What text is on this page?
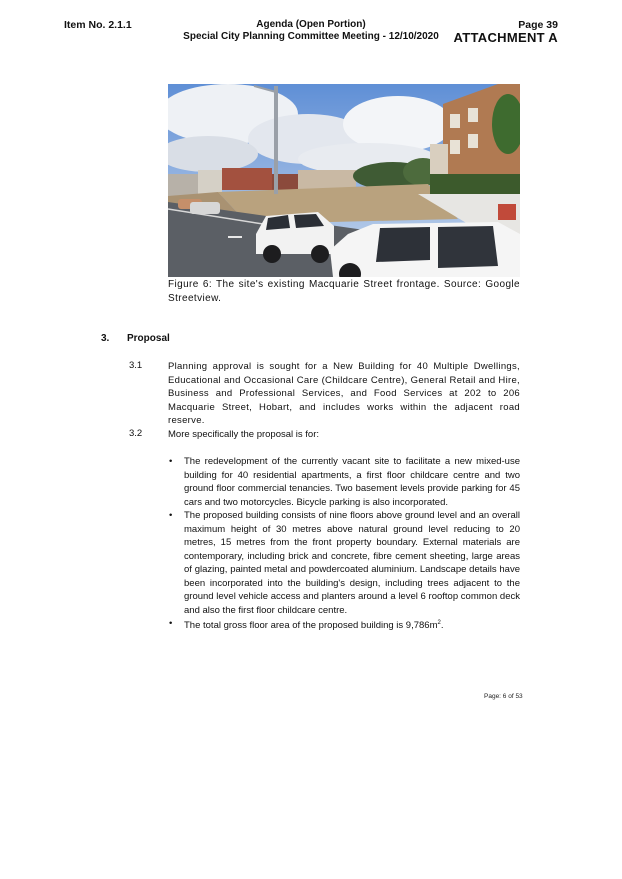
Item No. 2.1.1	Agenda (Open Portion)
Special City Planning Committee Meeting - 12/10/2020
Page 39
ATTACHMENT A
Figure 6: The site's existing Macquarie Street frontage. Source: Google Streetview.
3. Proposal
3.1	Planning approval is sought for a New Building for 40 Multiple Dwellings, Educational and Occasional Care (Childcare Centre), General Retail and Hire, Business and Professional Services, and Food Services at 202 to 206 Macquarie Street, Hobart, and includes works within the adjacent road reserve.
3.2	More specifically the proposal is for:
• The redevelopment of the currently vacant site to facilitate a new mixed-use building for 40 residential apartments, a first floor childcare centre and two ground floor commercial tenancies. Two basement levels provide parking for 45 cars and two motorcycles. Bicycle parking is also incorporated.
• The proposed building consists of nine floors above ground level and an overall maximum height of 30 metres above natural ground level reducing to 20 metres, 15 metres from the front property boundary. External materials are contemporary, including brick and concrete, fibre cement sheeting, large areas of glazing, painted metal and powdercoated aluminium. Landscape details have been incorporated into the building's design, including trees adjacent to the ground level vehicle access and planters around a level 6 rooftop common deck and also the first floor childcare centre.
• The total gross floor area of the proposed building is $9,786m^2$.
Page: 6 of 53
